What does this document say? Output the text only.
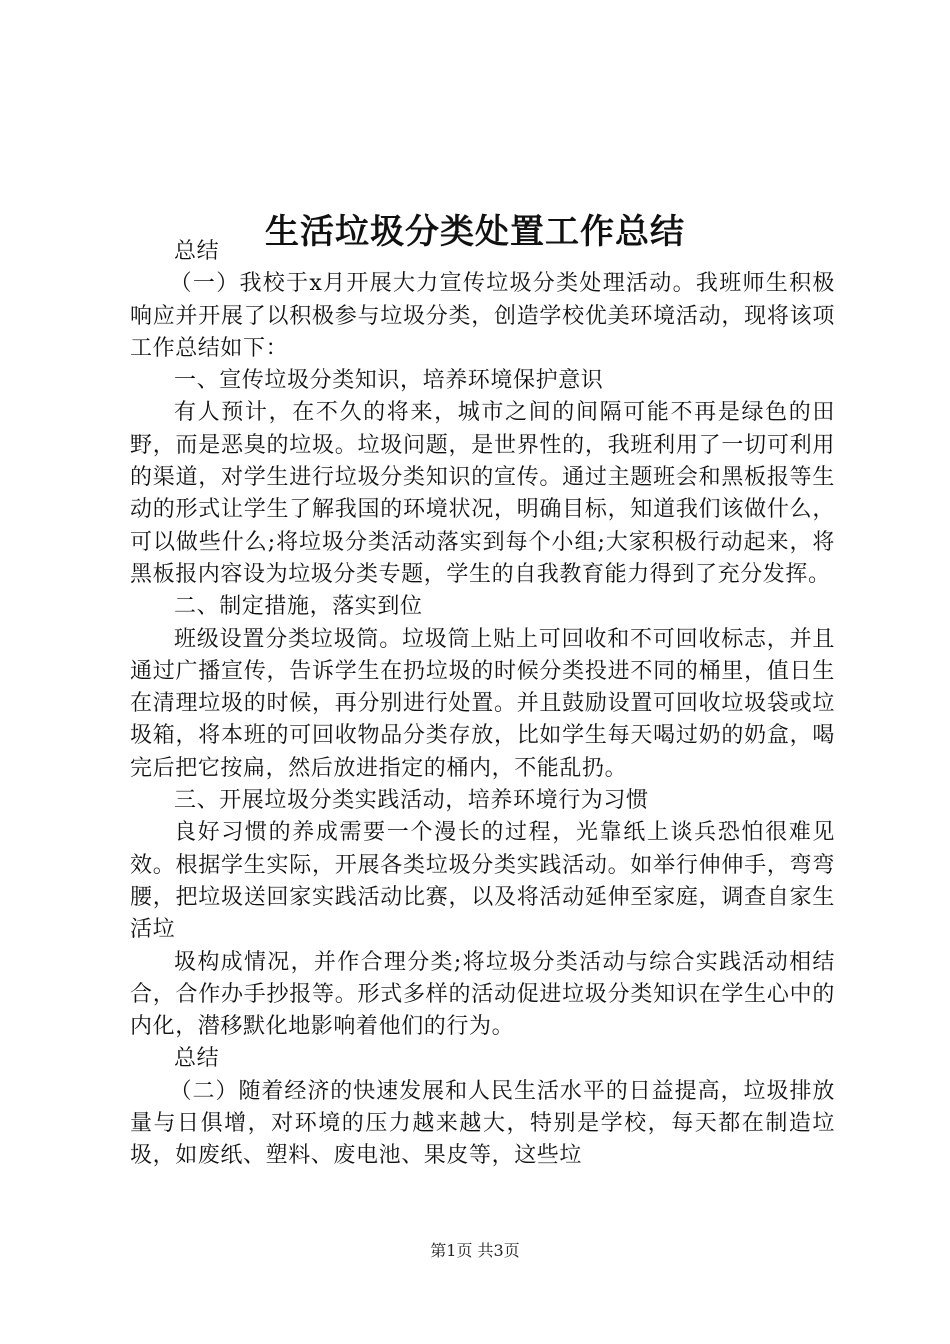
生活垃圾分类处置工作总结

总结

（一）我校于x月开展大力宣传垃圾分类处理活动。我班师生积极响应并开展了以积极参与垃圾分类，创造学校优美环境活动，现将该项工作总结如下：

一、宣传垃圾分类知识，培养环境保护意识

有人预计，在不久的将来，城市之间的间隔可能不再是绿色的田野，而是恶臭的垃圾。垃圾问题，是世界性的，我班利用了一切可利用的渠道，对学生进行垃圾分类知识的宣传。通过主题班会和黑板报等生动的形式让学生了解我国的环境状况，明确目标，知道我们该做什么，可以做些什么;将垃圾分类活动落实到每个小组;大家积极行动起来，将黑板报内容设为垃圾分类专题，学生的自我教育能力得到了充分发挥。

二、制定措施，落实到位

班级设置分类垃圾筒。垃圾筒上贴上可回收和不可回收标志，并且通过广播宣传，告诉学生在扔垃圾的时候分类投进不同的桶里，值日生在清理垃圾的时候，再分别进行处置。并且鼓励设置可回收垃圾袋或垃圾箱，将本班的可回收物品分类存放，比如学生每天喝过奶的奶盒，喝完后把它按扁，然后放进指定的桶内，不能乱扔。

三、开展垃圾分类实践活动，培养环境行为习惯

良好习惯的养成需要一个漫长的过程，光靠纸上谈兵恐怕很难见效。根据学生实际，开展各类垃圾分类实践活动。如举行伸伸手，弯弯腰，把垃圾送回家实践活动比赛，以及将活动延伸至家庭，调查自家生活垃

圾构成情况，并作合理分类;将垃圾分类活动与综合实践活动相结合，合作办手抄报等。形式多样的活动促进垃圾分类知识在学生心中的内化，潜移默化地影响着他们的行为。

总结

（二）随着经济的快速发展和人民生活水平的日益提高，垃圾排放量与日俱增，对环境的压力越来越大，特别是学校，每天都在制造垃圾，如废纸、塑料、废电池、果皮等，这些垃

第1页 共3页
